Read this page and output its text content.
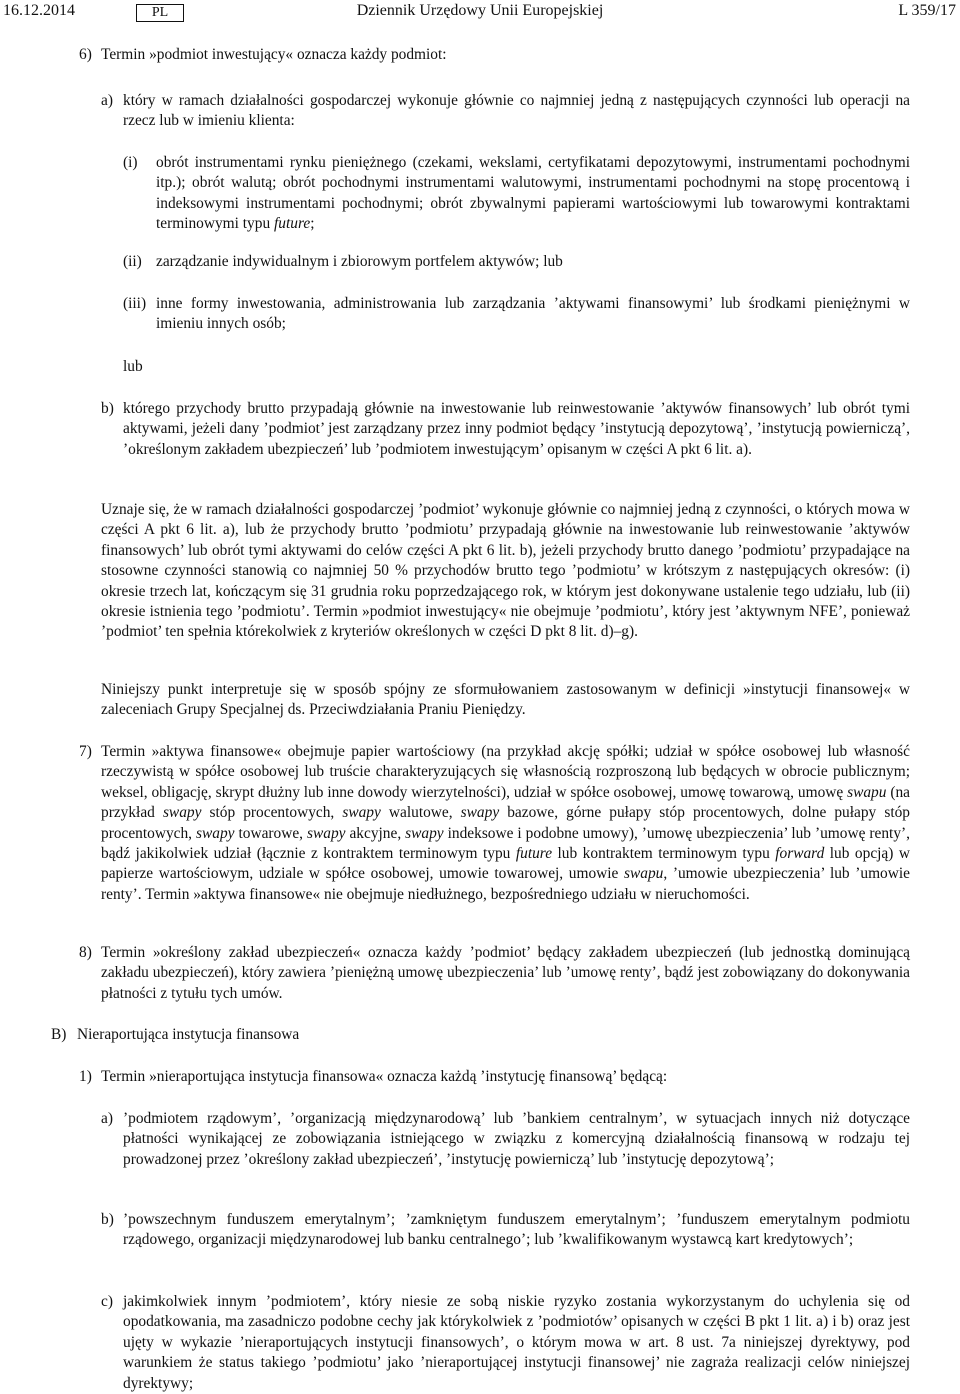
Dziennik Urzędowy Unii Europejskiej
16.12.2014	PL	L 359/17
6) Termin »podmiot inwestujący« oznacza każdy podmiot:
a) który w ramach działalności gospodarczej wykonuje głównie co najmniej jedną z następujących czynności lub operacji na rzecz lub w imieniu klienta:
(i) obrót instrumentami rynku pieniężnego (czekami, wekslami, certyfikatami depozytowymi, instrumentami pochodnymi itp.); obrót walutą; obrót pochodnymi instrumentami walutowymi, instrumentami pochodnymi na stopę procentową i indeksowymi instrumentami pochodnymi; obrót zbywalnymi papierami wartościowymi lub towarowymi kontraktami terminowymi typu future;
(ii) zarządzanie indywidualnym i zbiorowym portfelem aktywów; lub
(iii) inne formy inwestowania, administrowania lub zarządzania ’aktywami finansowymi’ lub środkami pieniężnymi w imieniu innych osób;
lub
b) którego przychody brutto przypadają głównie na inwestowanie lub reinwestowanie ’aktywów finansowych’ lub obrót tymi aktywami, jeżeli dany ’podmiot’ jest zarządzany przez inny podmiot będący ’instytucją depozytową’, ’instytucją powierniczą’, ’określonym zakładem ubezpieczeń’ lub ’podmiotem inwestującym’ opisanym w części A pkt 6 lit. a).
Uznaje się, że w ramach działalności gospodarczej ’podmiot’ wykonuje głównie co najmniej jedną z czynności, o których mowa w części A pkt 6 lit. a), lub że przychody brutto ’podmiotu’ przypadają głównie na inwestowanie lub reinwestowanie ’aktywów finansowych’ lub obrót tymi aktywami do celów części A pkt 6 lit. b), jeżeli przychody brutto danego ’podmiotu’ przypadające na stosowne czynności stanowią co najmniej 50 % przychodów brutto tego ’podmiotu’ w krótszym z następujących okresów: (i) okresie trzech lat, kończącym się 31 grudnia roku poprzedzającego rok, w którym jest dokonywane ustalenie tego udziału, lub (ii) okresie istnienia tego ’podmiotu’. Termin »podmiot inwestujący« nie obejmuje ’podmiotu’, który jest ’aktywnym NFE’, ponieważ ’podmiot’ ten spełnia którekolwiek z kryteriów określonych w części D pkt 8 lit. d)–g).
Niniejszy punkt interpretuje się w sposób spójny ze sformułowaniem zastosowanym w definicji »instytucji finansowej« w zaleceniach Grupy Specjalnej ds. Przeciwdziałania Praniu Pieniędzy.
7) Termin »aktywa finansowe« obejmuje papier wartościowy (na przykład akcję spółki; udział w spółce osobowej lub własność rzeczywistą w spółce osobowej lub truście charakteryzujących się własnością rozproszoną lub będących w obrocie publicznym; weksel, obligację, skrypt dłużny lub inne dowody wierzytelności), udział w spółce osobowej, umowę towarową, umowę swapu (na przykład swapy stóp procentowych, swapy walutowe, swapy bazowe, górne pułapy stóp procentowych, dolne pułapy stóp procentowych, swapy towarowe, swapy akcyjne, swapy indeksowe i podobne umowy), ’umowę ubezpieczenia’ lub ’umowę renty’, bądź jakikolwiek udział (łącznie z kontraktem terminowym typu future lub kontraktem terminowym typu forward lub opcją) w papierze wartościowym, udziale w spółce osobowej, umowie towarowej, umowie swapu, ’umowie ubezpieczenia’ lub ’umowie renty’. Termin »aktywa finansowe« nie obejmuje niedłużnego, bezpośredniego udziału w nieruchomości.
8) Termin »określony zakład ubezpieczeń« oznacza każdy ’podmiot’ będący zakładem ubezpieczeń (lub jednostką dominującą zakładu ubezpieczeń), który zawiera ’pieniężną umowę ubezpieczenia’ lub ’umowę renty’, bądź jest zobowiązany do dokonywania płatności z tytułu tych umów.
B) Nieraportująca instytucja finansowa
1) Termin »nieraportująca instytucja finansowa« oznacza każdą ’instytucję finansową’ będącą:
a) ’podmiotem rządowym’, ’organizacją międzynarodową’ lub ’bankiem centralnym’, w sytuacjach innych niż dotyczące płatności wynikającej ze zobowiązania istniejącego w związku z komercyjną działalnością finansową w rodzaju tej prowadzonej przez ’określony zakład ubezpieczeń’, ’instytucję powierniczą’ lub ’instytucję depozytową’;
b) ’powszechnym funduszem emerytalnym’; ’zamkniętym funduszem emerytalnym’; ’funduszem emerytalnym podmiotu rządowego, organizacji międzynarodowej lub banku centralnego’; lub ’kwalifikowanym wystawcą kart kredytowych’;
c) jakimkolwiek innym ’podmiotem’, który niesie ze sobą niskie ryzyko zostania wykorzystanym do uchylenia się od opodatkowania, ma zasadniczo podobne cechy jak którykolwiek z ’podmiotów’ opisanych w części B pkt 1 lit. a) i b) oraz jest ujęty w wykazie ’nieraportujących instytucji finansowych’, o którym mowa w art. 8 ust. 7a niniejszej dyrektywy, pod warunkiem że status takiego ’podmiotu’ jako ’nieraportującej instytucji finansowej’ nie zagraża realizacji celów niniejszej dyrektywy;
